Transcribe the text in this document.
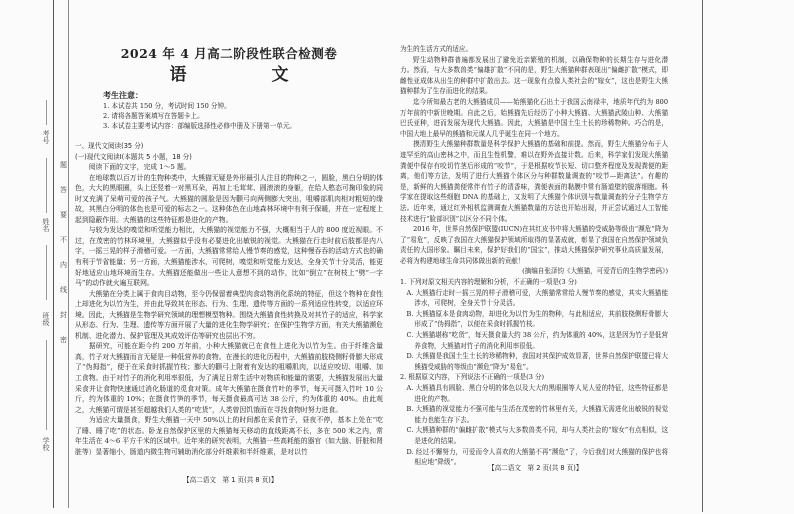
考号
姓名
班级
学校
题
答
要
不
内
线
封
密
2024 年 4 月高二阶段性联合检测卷
语　文
考生注意：
1. 本试卷共 150 分，考试时间 150 分钟。
2. 请将各题答案填写在答题卡上。
3. 本试卷主要考试内容：部编版选择性必修中册及下册第一单元。

一、现代文阅读(35 分)

(一)现代文阅读Ⅰ(本题共 5 小题，18 分)

阅读下面的文字，完成 1～5 题。

在地球数以百万计的生物种类中，大熊猫无疑是外形最引人注目的物种之一，圆脸，黑白分明的体色，大大的黑眼圈，头上还竖着一对黑耳朵，再加上毛茸茸、圆滚滚的身躯，在给人憨态可掬印象的同时又充满了呆萌可爱的孩子气。大熊猫的圆脸是因为颧弓向两侧膨大突出，咀嚼部肌肉相对粗短的缘故，其黑白分明的体色也是可爱的标志之一。这种体色在山地森林环境中有利于保暖，并在一定程度上起到隐蔽作用。大熊猫的这些特征都是进化的产物。

与较为发达的嗅觉和听觉能力相比，大熊猫的视觉能力不强，大概相当于人的 800 度近视眼。不过，在茂密的竹林环境里，大熊猫似乎没有必要进化出敏锐的视觉。大熊猫在行走时前后肢都是内八字，一摇三晃的样子滑稽可爱。一方面，大熊猫常常给人慢节奏的感觉，这种慢吞吞的活动方式也的确有利于节省能量；另一方面，大熊猫能涉水，可爬树，嗅觉和听觉能力发达，全身关节十分灵活，能更好地适应山地环境而生存。大熊猫还能做出一些让人意想不到的动作，比如“倒立”在树枝上“劈”一字马”的动作就火遍互联网。

大熊猫在分类上属于食肉目动物，至今仍保留着典型肉食动物消化系统的特征，但这个物种在食性上却进化为以竹为生，并由此导致其在形态、行为、生理、遗传等方面的一系列适应性转变，以适应环境。因此，大熊猫是生物学研究领域的理想模型物种。围绕大熊猫食性转换及对其竹子的适应，科学家从形态、行为、生理、遗传等方面开展了大量的进化生物学研究；在保护生物学方面，有关大熊猫濒危机制、进化潜力、保护管理及其成效评估等研究也层出不穷。

据研究，可能在距今约 200 万年前，小种大熊猫就已在食性上进化为以竹为生。由于纤维含量高，竹子对大熊猫而言无疑是一种低营养的食物。在漫长的进化历程中，大熊猫前肢桡侧籽骨膨大形成了“伪拇指”，便于在采食时抓握竹枝；膨大的颧弓上附着有发达的咀嚼肌肉，以适应咬切、咀嚼、加工食物。由于对竹子的消化利用率很低，为了满足日常生活中对物质和能量的需要，大熊猫发展出大量采食并让食物快速通过消化肠道的觅食对策。成年大熊猫在摄食竹叶的季节，每天可摄入竹叶 10 公斤，约为体重的 10%；在摄食竹笋的季节，每天摄食最高可达 38 公斤，约为体重的 40%。由此观之，大熊猫可谓是甚至超越我们人类的“吃货”，人类曾因饥饿而在寻找食物时努力进食。

为适应大量摄食，野生大熊猫一天中 50%以上的时间都在采食竹子，昼夜不停，基本上处在“吃了睡、睡了吃”的状态。卧龙自然保护区里的大熊猫每天移动的直线距离不长，多在 500 米之内，常年生活在 4～6 平方千米的区域中。近年来的研究表明，大熊猫一些高耗能的器官（如大脑、肝脏和肾脏等）显著缩小，肠道内微生物可辅助消化部分纤维素和半纤维素，是对以竹

【高二语文　第 1 页(共 8 页)】

为生的生活方式的适应。

野生动物种群普遍都发展出了避免近亲繁殖的机制，以确保物种的长期生存与进化潜力。然而，与大多数兽类“偏雄扩散”不同的是，野生大熊猫种群表现出“偏雌扩散”模式，即雌性亚成体从出生的种群中扩散出去。这一现象有点像人类社会的“嫁女”，这也是野生大熊猫种群为了生存而进化的结果。

迄今所知最古老的大熊猫成员——始熊猫化石出土于我国云南禄丰，地质年代约为 800 万年前的中新世晚期。自此之后，始熊猫先后经历了小种大熊猫、大熊猫武陵山种、大熊猫巴氏亚种，进而发展为现代大熊猫。因此，大熊猫是中国土生土长的珍稀物种。巧合的是，中国大地上最早的熊猫和元谋人几乎诞生在同一个地方。

摸清野生大熊猫种群数量是科学保护大熊猫的基础和前提。然而，野生大熊猫分布于人迹罕至的高山密林之中，而且生性机警，难以在野外直接计数。后来，科学家们发现大熊猫粪便中保存有咬切竹茎后形成的“咬节”，于是根据咬节长短、切口整齐程度及发现粪便的距离，他们等方法，发明了进行大熊猫个体区分与种群数量调查的“咬节—距离法”。有趣的是，新鲜的大熊猫粪便常伴有竹子的清香味，粪便表面的黏膜中常有肠道壁的脱落细胞。科学家在提取这些细胞 DNA 的基础上，又发明了大熊猫个体识别与数量调查的分子生物学方法。近年来，通过红外相机监测调查大熊猫数量的方法也开始出现，并正尝试通过人工智能技术进行“脸部识别”以区分不同个体。

2016 年，世界自然保护联盟(IUCN)在其红皮书中将大熊猫的受威胁等级由“濒危”降为了“易危”，反映了我国在大熊猫保护领域所取得的显著成就，彰显了我国在自然保护领域负责任的大国形象。瞩目未来，保护好我们的“国宝”，推动大熊猫保护研究事业高质量发展，必将为构建地球生命共同体做出新的贡献！

(摘编自张泽钧《大熊猫，可爱背后的生物学密码》)

1. 下列对原文相关内容的理解和分析，不正确的一项是(3 分)

A. 大熊猫行走时一摇三晃的样子滑稽可爱，大熊猫常常给人慢节奏的感觉，其实大熊猫能涉水，可爬树，全身关节十分灵活。

B. 大熊猫原本是食肉动物，却进化为以竹为生的物种，与此相适应，其前肢桡侧籽骨膨大形成了“伪拇指”，以便在采食时抓握竹枝。

C. 大熊猫堪称“吃货”，每天摄食量大约 38 公斤，约为体重的 40%，这是因为竹子是低营养食物，大熊猫对竹子的消化利用率很低。

D. 大熊猫是我国土生土长的珍稀物种，我国对其保护成效显著，世界自然保护联盟已将大熊猫受威胁的等级由“濒危”降为“易危”。

2. 根据原文内容，下列说法不正确的一项是(3 分)

A. 大熊猫具有圆脸、黑白分明的体色以及大大的黑眼圈等人见人爱的特征，这些特征都是进化的产物。

B. 大熊猫的视觉能力不强可能与生活在茂密的竹林里有关，大熊猫无需进化出敏锐的视觉能力也能生存下去。

C. 大熊猫种群的“偏雌扩散”模式与大多数兽类不同，却与人类社会的“嫁女”有点相似，这是进化的结果。

D. 经过不懈努力，可爱而令人喜欢的大熊猫不再“濒危”了，今后我们对大熊猫的保护也将相应地“降级”。

【高二语文　第 2 页(共 8 页)】
